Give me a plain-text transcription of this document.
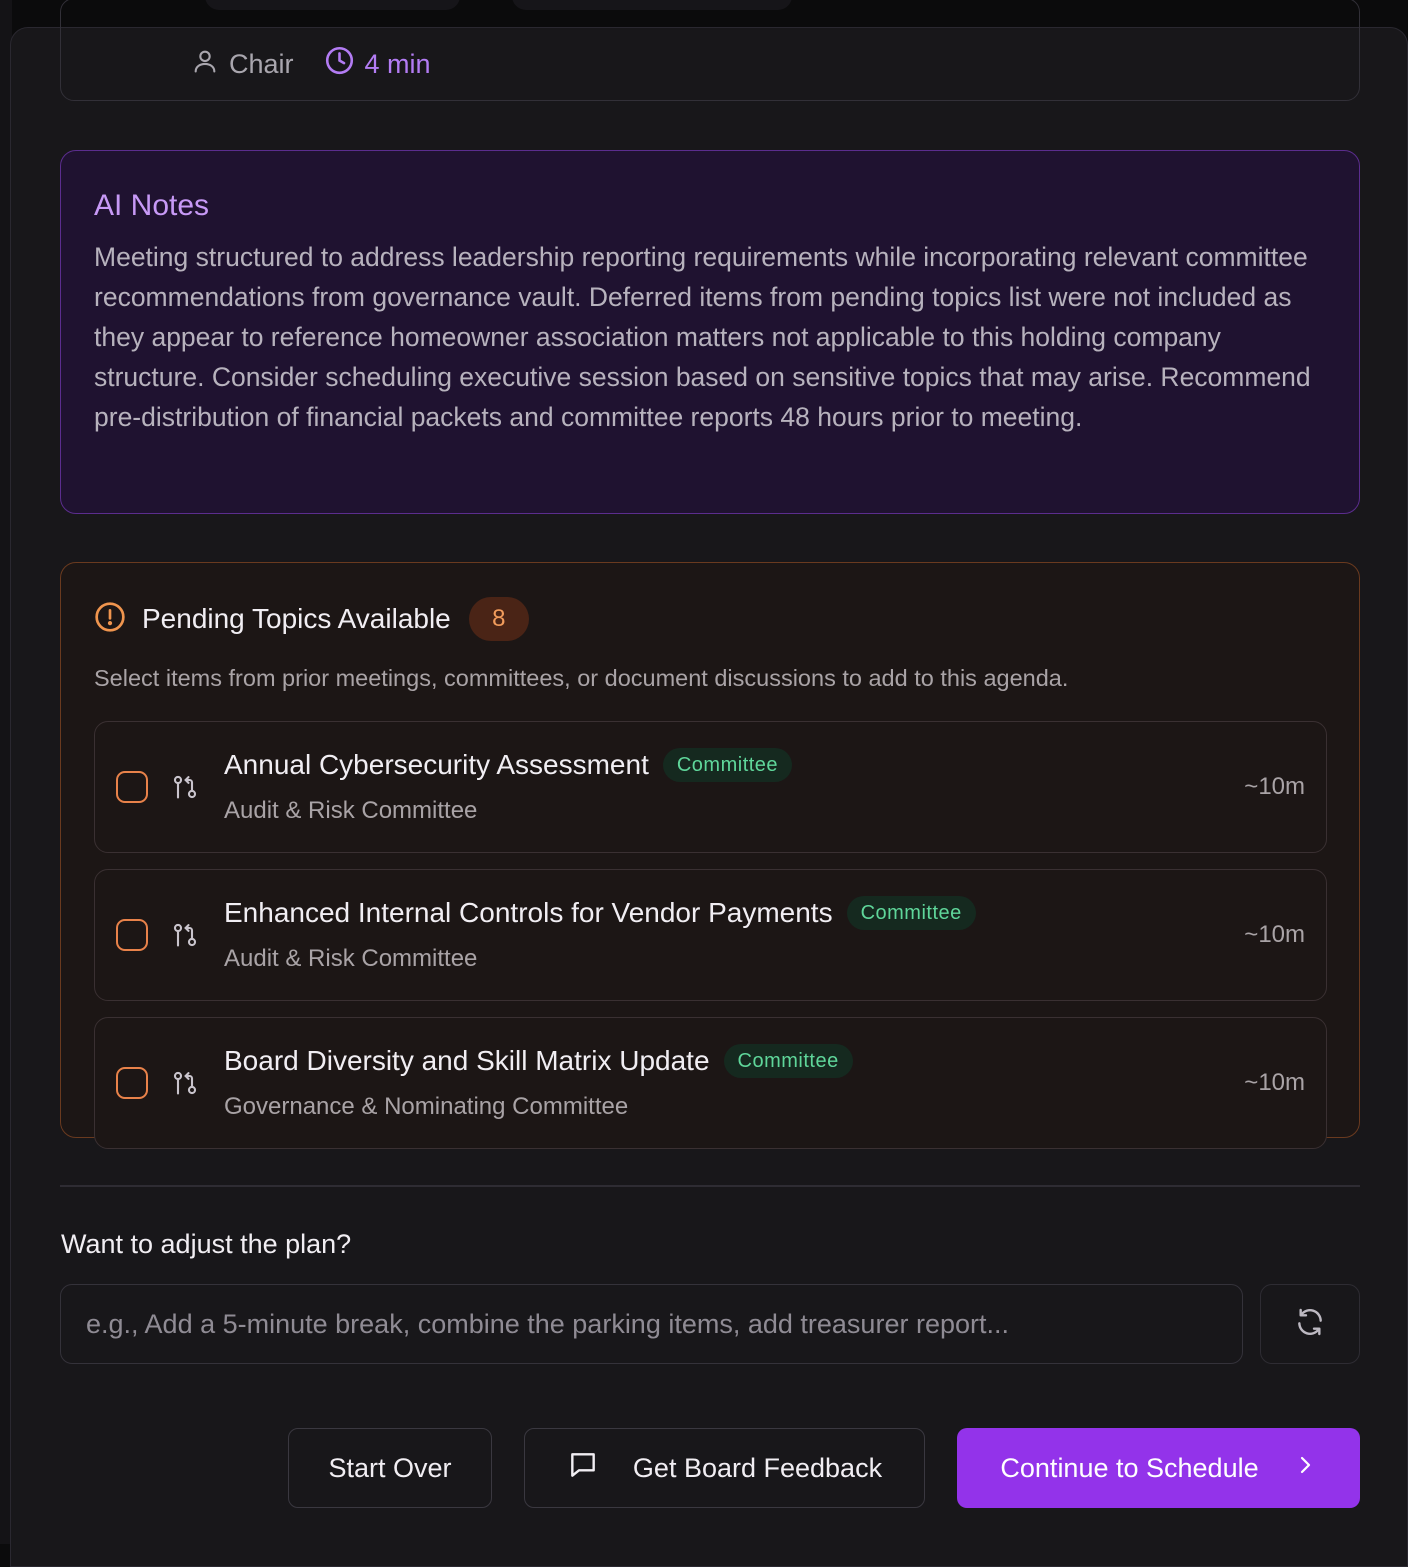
Chair	4 min
AI Notes

Meeting structured to address leadership reporting requirements while incorporating relevant committee recommendations from governance vault. Deferred items from pending topics list were not included as they appear to reference homeowner association matters not applicable to this holding company structure. Consider scheduling executive session based on sensitive topics that may arise. Recommend pre-distribution of financial packets and committee reports 48 hours prior to meeting.

Pending Topics Available	8
Select items from prior meetings, committees, or document discussions to add to this agenda.
Annual Cybersecurity Assessment	Committee
Audit & Risk Committee
~10m
Enhanced Internal Controls for Vendor Payments	Committee
Audit & Risk Committee
~10m
Board Diversity and Skill Matrix Update	Committee
Governance & Nominating Committee
~10m
Want to adjust the plan?
e.g., Add a 5-minute break, combine the parking items, add treasurer report...
Start Over	Get Board Feedback	Continue to Schedule
